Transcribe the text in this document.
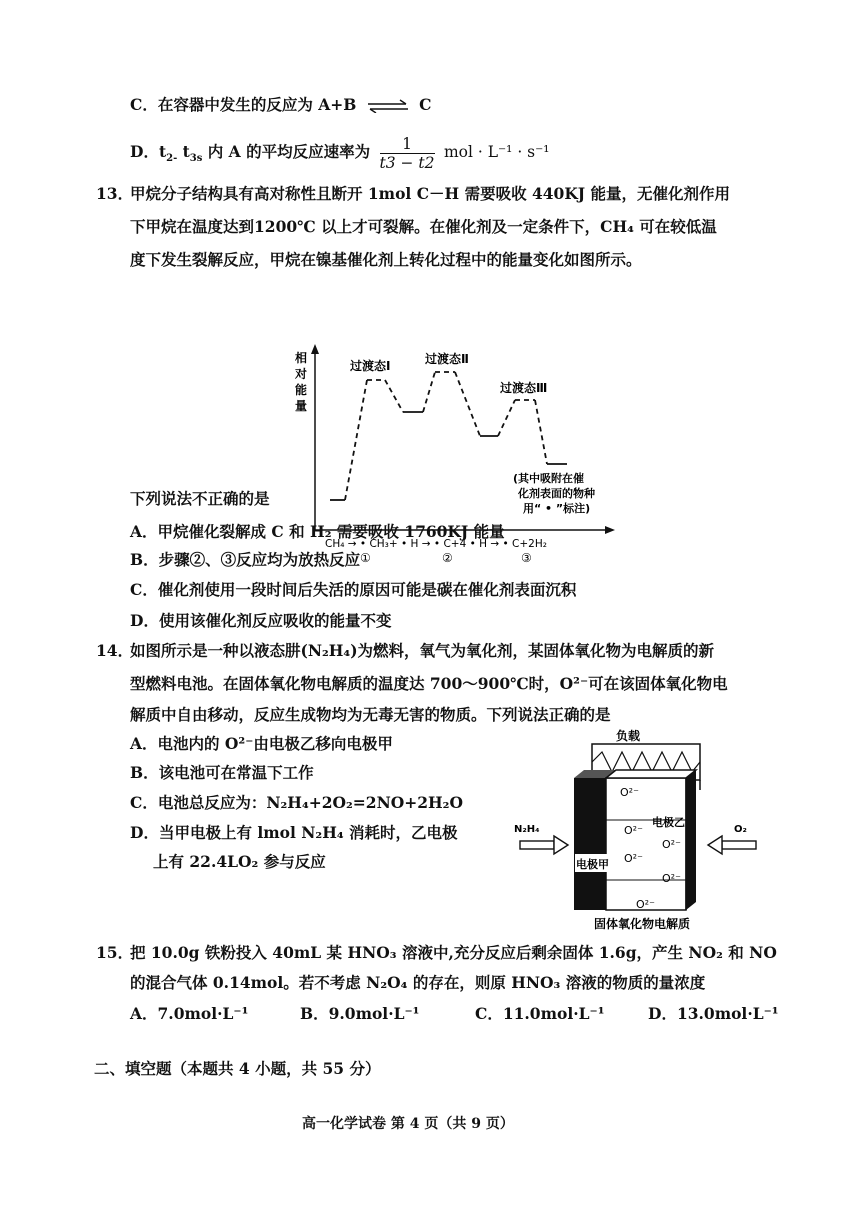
C．在容器中发生的反应为 A+B ⇌ C
D．$t_{2-}$ $t_{3s}$ 内 A 的平均反应速率为 $\frac{1}{t3 - t2}$ mol · L⁻¹ · s⁻¹
13．
甲烷分子结构具有高对称性且断开 1mol C－H 需要吸收 440KJ 能量，无催化剂作用
下甲烷在温度达到1200℃ 以上才可裂解。在催化剂及一定条件下，CH₄ 可在较低温
度下发生裂解反应，甲烷在镍基催化剂上转化过程中的能量变化如图所示。
相
对
能
量
过渡态Ⅰ	过渡态Ⅱ
过渡态Ⅲ
(其中吸附在催
化剂表面的物种
用“ • ”标注)
CH₄ → • CH₃+ • H → • C+4 • H → • C+2H₂
①	②	③
下列说法不正确的是
A．甲烷催化裂解成 C 和 H₂ 需要吸收 1760KJ 能量
B．步骤②、③反应均为放热反应
C．催化剂使用一段时间后失活的原因可能是碳在催化剂表面沉积
D．使用该催化剂反应吸收的能量不变
14．
如图所示是一种以液态肼(N₂H₄)为燃料，氧气为氧化剂，某固体氧化物为电解质的新
型燃料电池。在固体氧化物电解质的温度达 700～900℃时，O²⁻可在该固体氧化物电
解质中自由移动，反应生成物均为无毒无害的物质。下列说法正确的是
A．电池内的 O²⁻由电极乙移向电极甲
B．该电池可在常温下工作
C．电池总反应为：N₂H₄+2O₂=2NO+2H₂O
D．当甲电极上有 lmol N₂H₄ 消耗时，乙电极
上有 22.4LO₂ 参与反应
负载
O²⁻
O²⁻
O²⁻
O²⁻
O²⁻
O²⁻
电极甲
电极乙
N₂H₄	O₂
固体氧化物电解质
15．
把 10.0g 铁粉投入 40mL 某 HNO₃ 溶液中,充分反应后剩余固体 1.6g，产生 NO₂ 和 NO
的混合气体 0.14mol。若不考虑 N₂O₄ 的存在，则原 HNO₃ 溶液的物质的量浓度
A．7.0mol·L⁻¹	B．9.0mol·L⁻¹	C．11.0mol·L⁻¹	D．13.0mol·L⁻¹
二、填空题（本题共 4 小题，共 55 分）
高一化学试卷 第 4 页（共 9 页）
